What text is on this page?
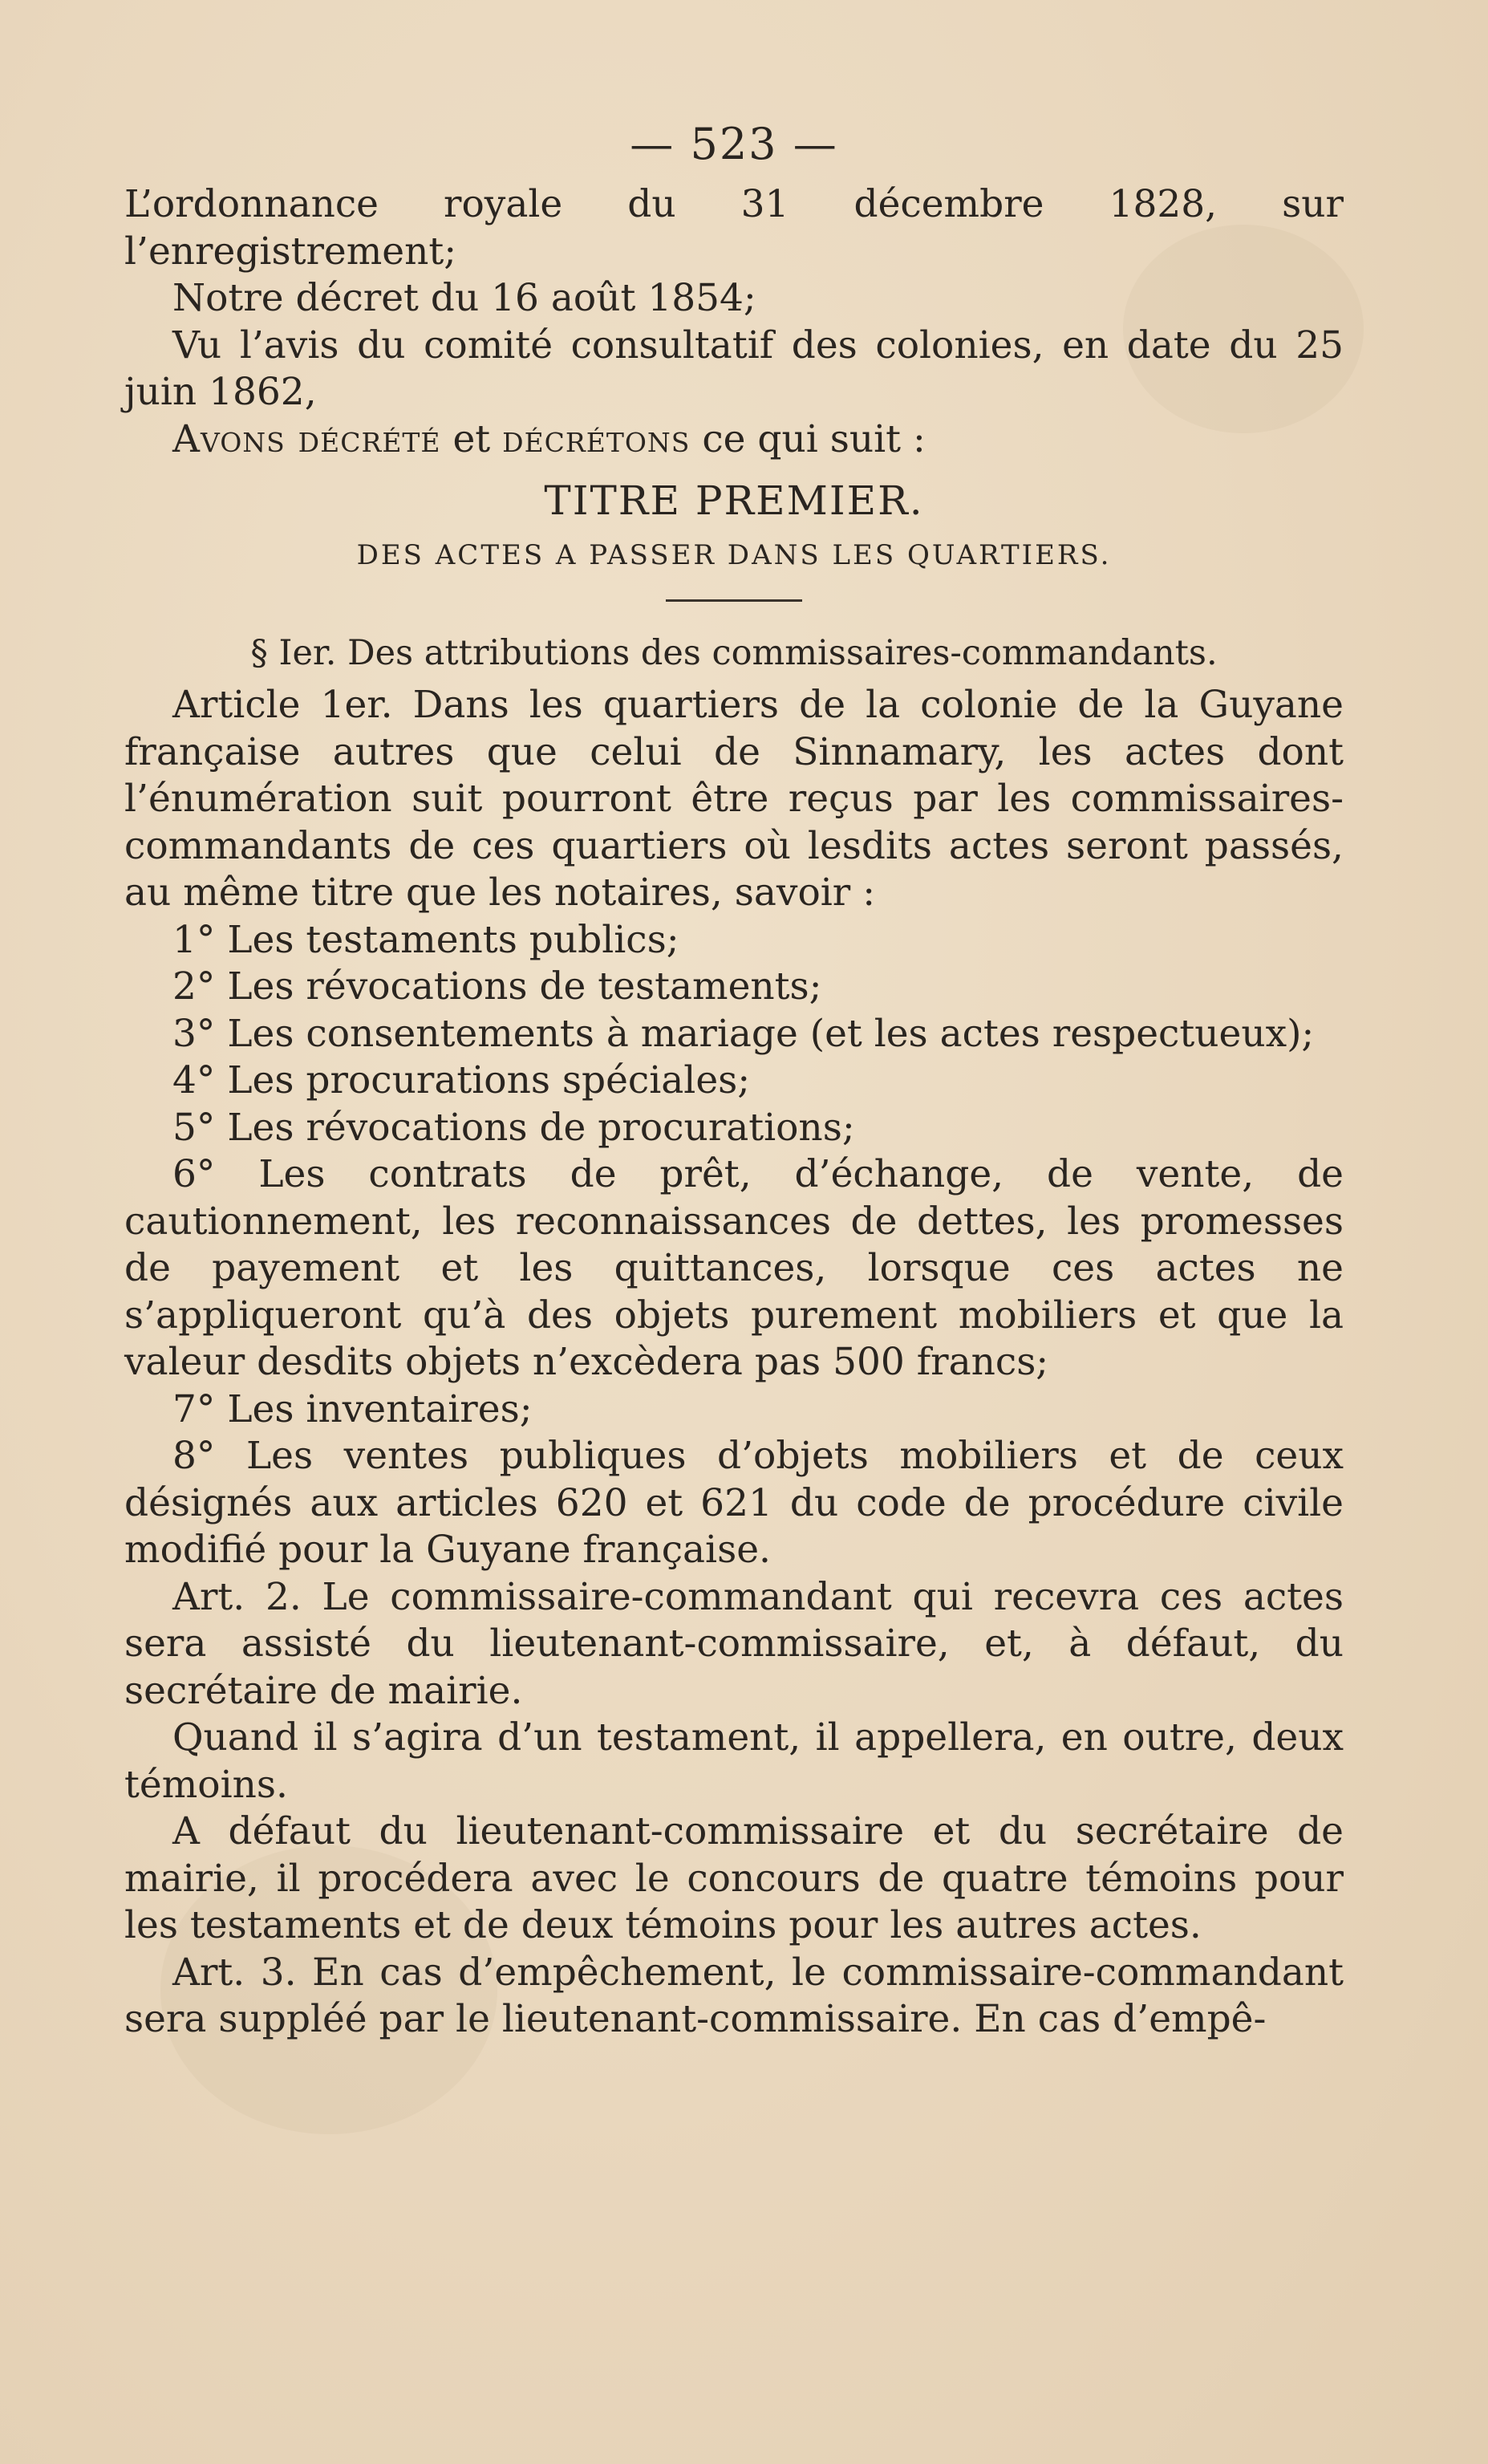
— 523 —

L’ordonnance royale du 31 décembre 1828, sur l’enregistrement;

Notre décret du 16 août 1854;

Vu l’avis du comité consultatif des colonies, en date du 25 juin 1862,

Avons décrété et décrétons ce qui suit :

TITRE PREMIER.
DES ACTES A PASSER DANS LES QUARTIERS.
§ Ier. Des attributions des commissaires-commandants.

Article 1er. Dans les quartiers de la colonie de la Guyane française autres que celui de Sinnamary, les actes dont l’énumération suit pourront être reçus par les commissaires-commandants de ces quartiers où lesdits actes seront passés, au même titre que les notaires, savoir :

1° Les testaments publics;

2° Les révocations de testaments;

3° Les consentements à mariage (et les actes respectueux);

4° Les procurations spéciales;

5° Les révocations de procurations;

6° Les contrats de prêt, d’échange, de vente, de cautionnement, les reconnaissances de dettes, les promesses de payement et les quittances, lorsque ces actes ne s’appliqueront qu’à des objets purement mobiliers et que la valeur desdits objets n’excèdera pas 500 francs;

7° Les inventaires;

8° Les ventes publiques d’objets mobiliers et de ceux désignés aux articles 620 et 621 du code de procédure civile modifié pour la Guyane française.

Art. 2. Le commissaire-commandant qui recevra ces actes sera assisté du lieutenant-commissaire, et, à défaut, du secrétaire de mairie.

Quand il s’agira d’un testament, il appellera, en outre, deux témoins.

A défaut du lieutenant-commissaire et du secrétaire de mairie, il procédera avec le concours de quatre témoins pour les testaments et de deux témoins pour les autres actes.

Art. 3. En cas d’empêchement, le commissaire-commandant sera suppléé par le lieutenant-commissaire. En cas d’empê-
